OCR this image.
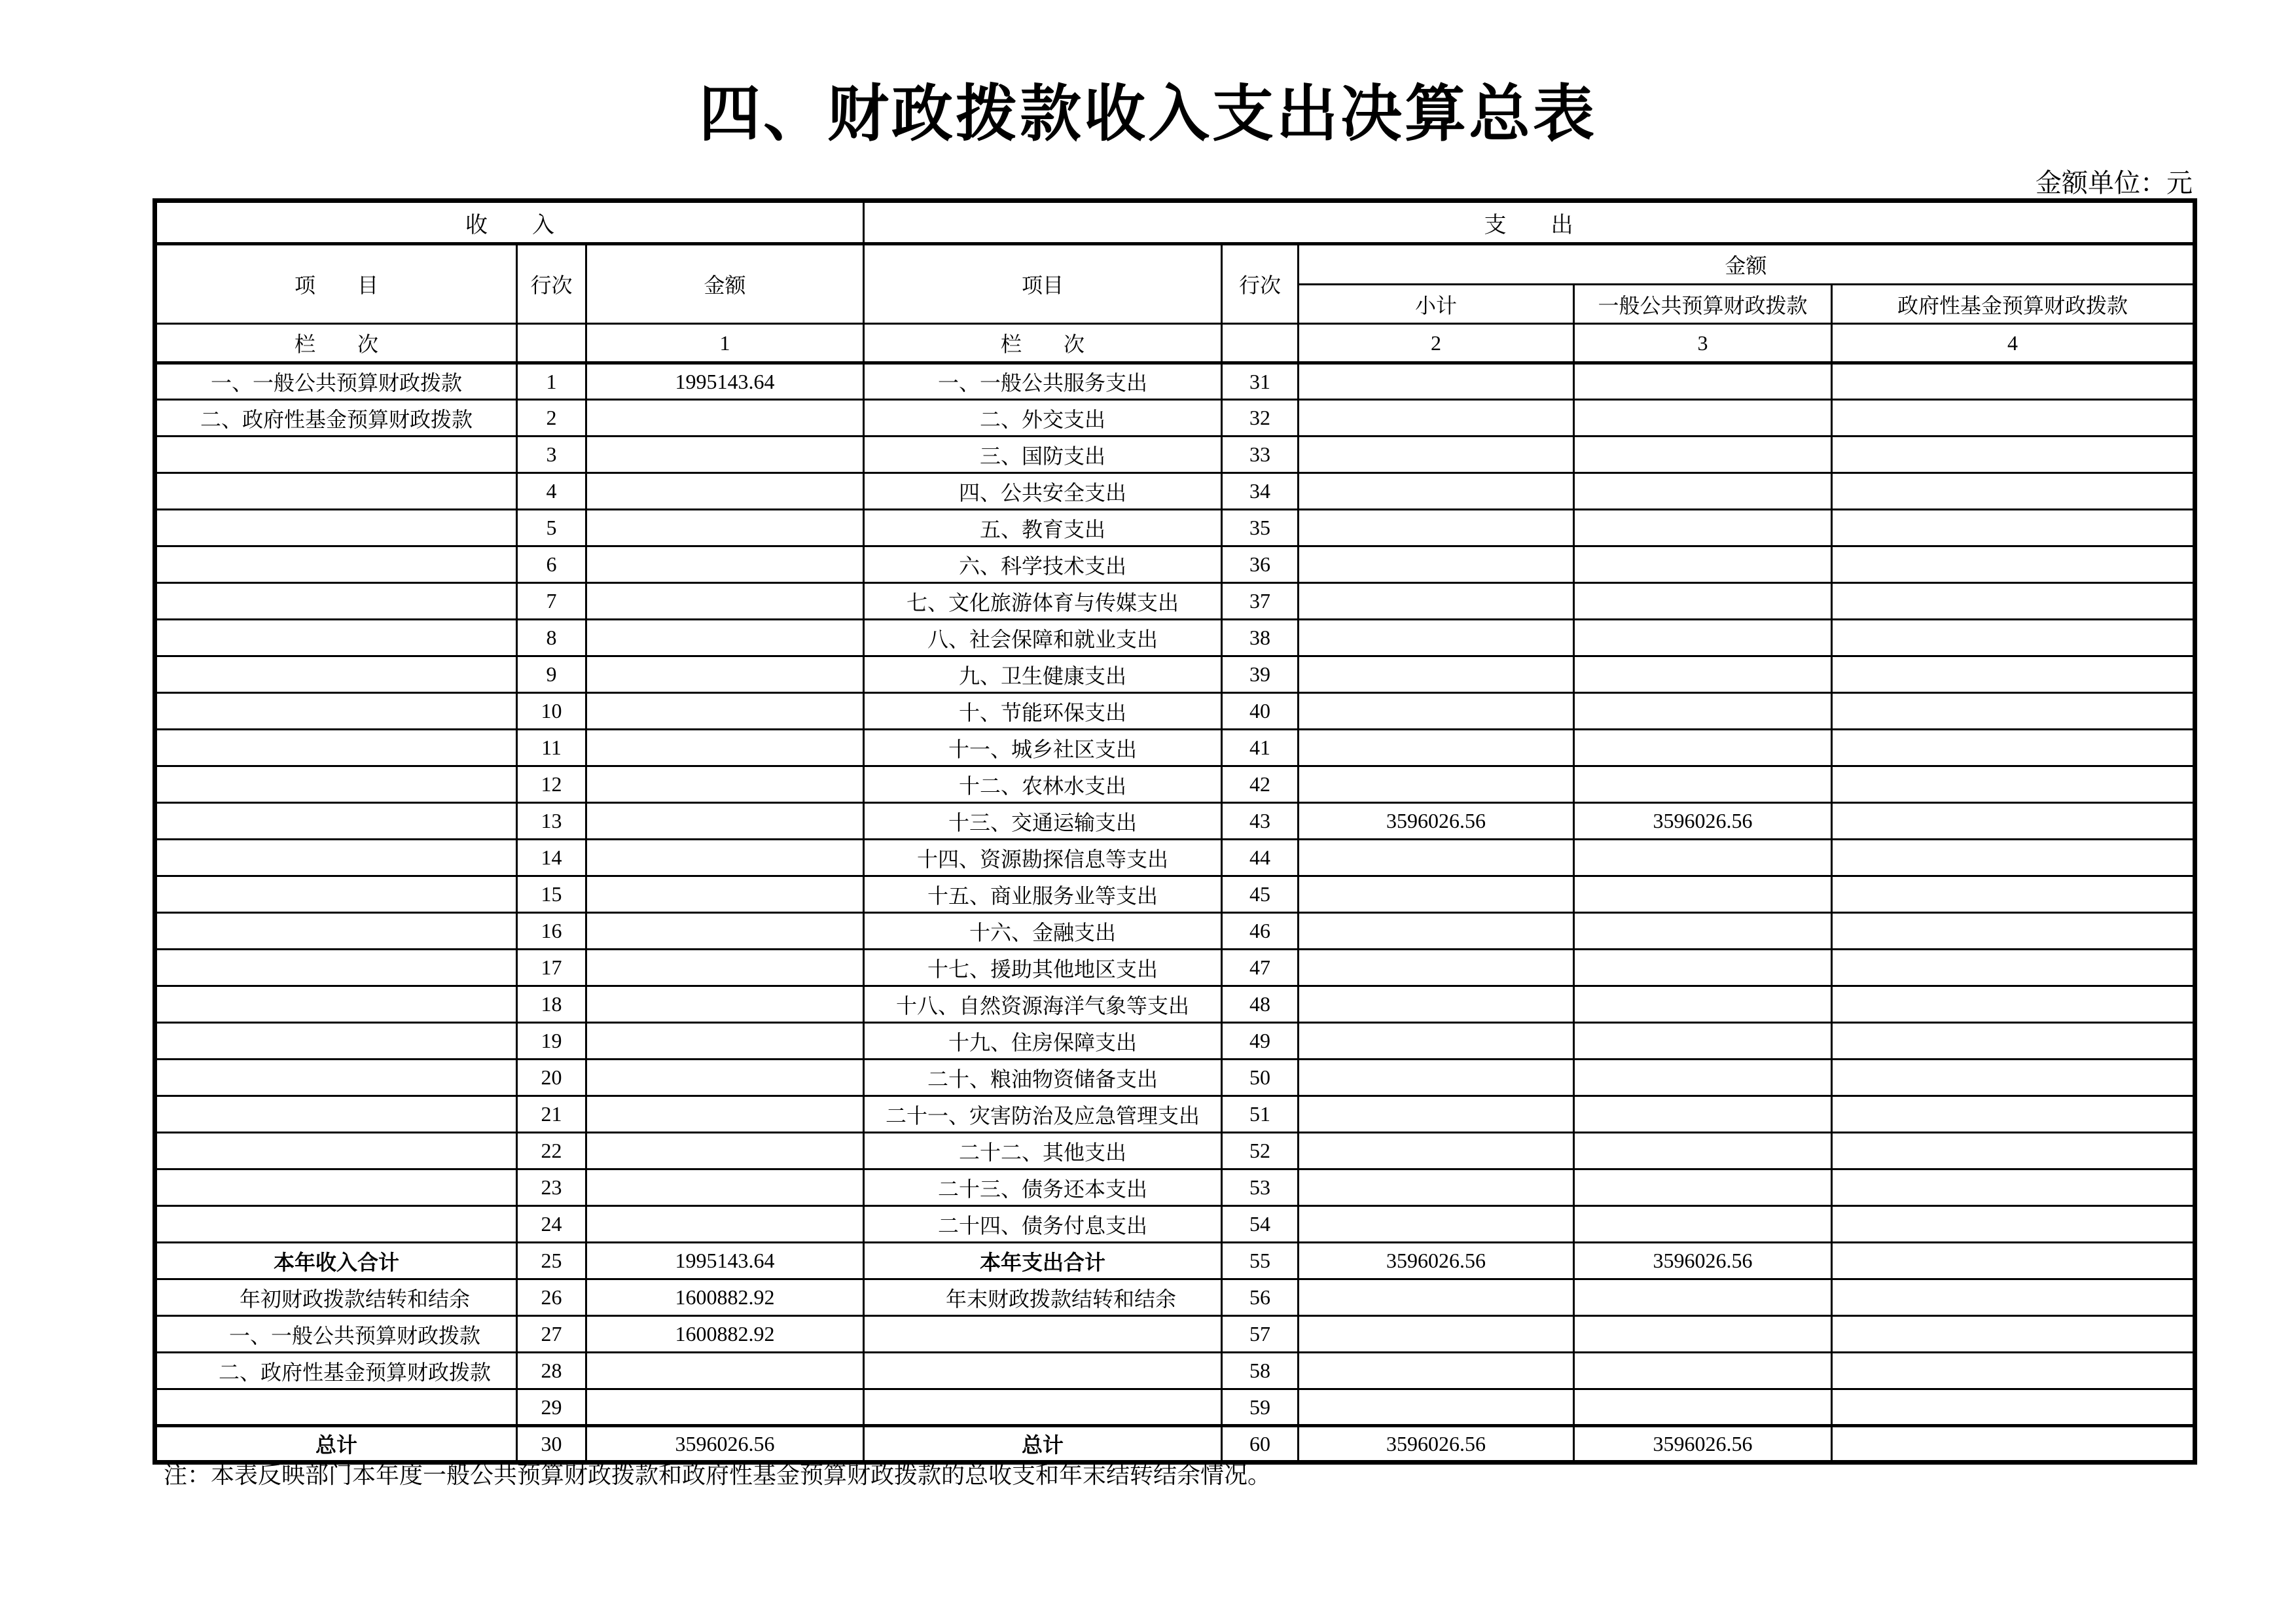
四、财政拨款收入支出决算总表
金额单位：元
收　　入			支　　出				
项　　目	行次	金额	项目	行次	金额		
					小计	一般公共预算财政拨款	政府性基金预算财政拨款
栏　　次		1	栏　　次		2	3	4
一、一般公共预算财政拨款	1	1995143.64	一、一般公共服务支出	31			
二、政府性基金预算财政拨款	2		二、外交支出	32			
	3		三、国防支出	33			
	4		四、公共安全支出	34			
	5		五、教育支出	35			
	6		六、科学技术支出	36			
	7		七、文化旅游体育与传媒支出	37			
	8		八、社会保障和就业支出	38			
	9		九、卫生健康支出	39			
	10		十、节能环保支出	40			
	11		十一、城乡社区支出	41			
	12		十二、农林水支出	42			
	13		十三、交通运输支出	43	3596026.56	3596026.56	
	14		十四、资源勘探信息等支出	44			
	15		十五、商业服务业等支出	45			
	16		十六、金融支出	46			
	17		十七、援助其他地区支出	47			
	18		十八、自然资源海洋气象等支出	48			
	19		十九、住房保障支出	49			
	20		二十、粮油物资储备支出	50			
	21		二十一、灾害防治及应急管理支出	51			
	22		二十二、其他支出	52			
	23		二十三、债务还本支出	53			
	24		二十四、债务付息支出	54			
本年收入合计	25	1995143.64	本年支出合计	55	3596026.56	3596026.56	
年初财政拨款结转和结余	26	1600882.92	年末财政拨款结转和结余	56			
一、一般公共预算财政拨款	27	1600882.92		57			
二、政府性基金预算财政拨款	28			58			
	29			59			
总计	30	3596026.56	总计	60	3596026.56	3596026.56	
注：本表反映部门本年度一般公共预算财政拨款和政府性基金预算财政拨款的总收支和年末结转结余情况。
